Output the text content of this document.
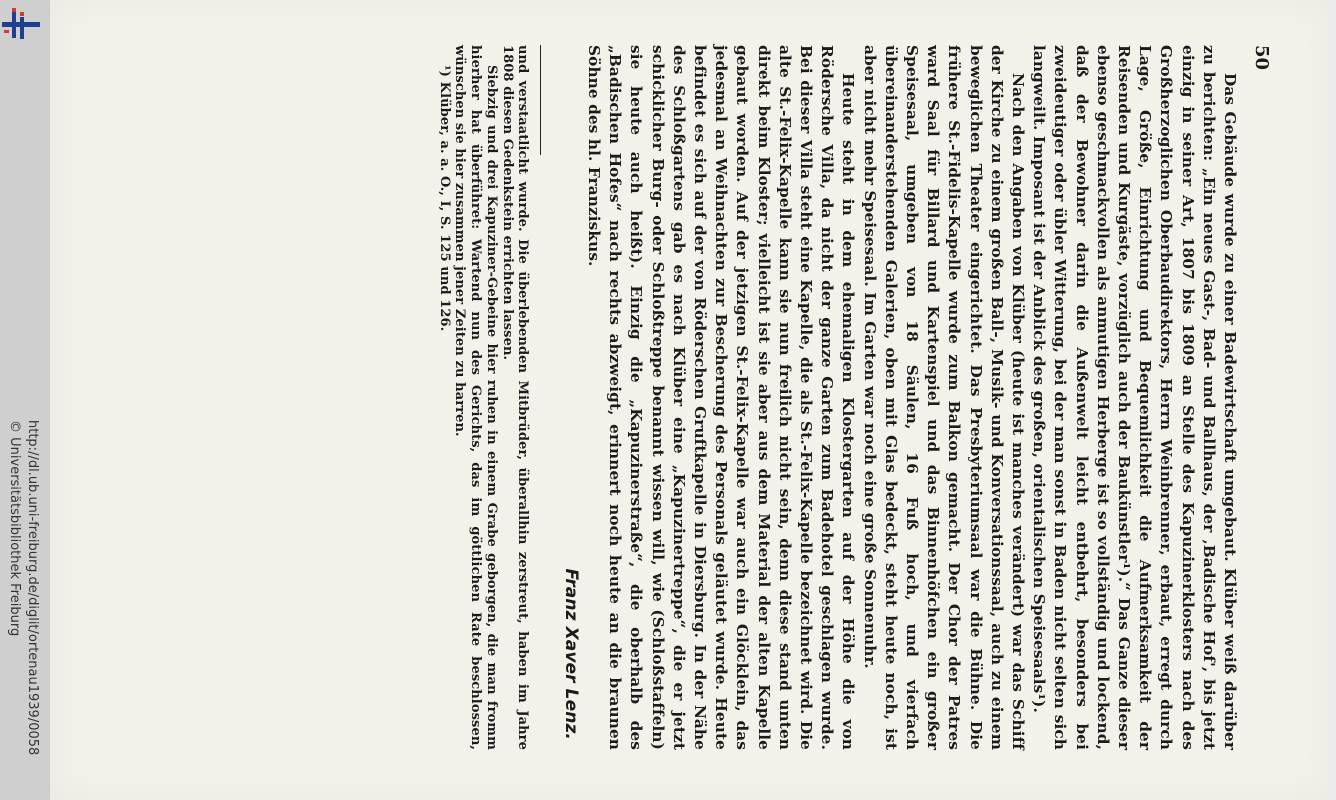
http://dl.ub.uni-freiburg.de/diglit/ortenau1939/0058
© Universitätsbibliothek Freiburg
50

Das Gebäude wurde zu einer Badewirtschaft umgebaut. Klüber weiß darüber zu berichten: „Ein neues Gast-, Bad- und Ballhaus, der ‚Badische Hof', bis jetzt einzig in seiner Art, 1807 bis 1809 an Stelle des Kapuzinerklosters nach des Großherzoglichen Oberbaudirektors, Herrn Weinbrenner, erbaut, erregt durch Lage, Größe, Einrichtung und Bequemlichkeit die Aufmerksamkeit der Reisenden und Kurgäste, vorzüglich auch der Baukünstler¹).“ Das Ganze dieser ebenso geschmackvollen als anmutigen Herberge ist so vollständig und lockend, daß der Bewohner darin die Außenwelt leicht entbehrt, besonders bei zweideutiger oder übler Witterung, bei der man sonst in Baden nicht selten sich langweilt. Imposant ist der Anblick des großen, orientalischen Speisesaals¹).

Nach den Angaben von Klüber (heute ist manches verändert) war das Schiff der Kirche zu einem großen Ball-, Musik- und Konversationssaal, auch zu einem beweglichen Theater eingerichtet. Das Presbyteriumsaal war die Bühne. Die frühere St.-Fidelis-Kapelle wurde zum Balkon gemacht. Der Chor der Patres ward Saal für Billard und Kartenspiel und das Binnenhöfchen ein großer Speisesaal, umgeben von 18 Säulen, 16 Fuß hoch, und vierfach übereinanderstehenden Galerien, oben mit Glas bedeckt, steht heute noch, ist aber nicht mehr Speisesaal. Im Garten war noch eine große Sonnenuhr.

Heute steht in dem ehemaligen Klostergarten auf der Höhe die von Rödersche Villa, da nicht der ganze Garten zum Badehotel geschlagen wurde. Bei dieser Villa steht eine Kapelle, die als St.-Felix-Kapelle bezeichnet wird. Die alte St.-Felix-Kapelle kann sie nun freilich nicht sein, denn diese stand unten direkt beim Kloster; vielleicht ist sie aber aus dem Material der alten Kapelle gebaut worden. Auf der jetzigen St.-Felix-Kapelle war auch ein Glöcklein, das jedesmal an Weihnachten zur Bescherung des Personals geläutet wurde. Heute befindet es sich auf der von Röderschen Gruftkapelle in Diersburg. In der Nähe des Schloßgartens gab es nach Klüber eine „Kapuzinertreppe“, die er jetzt schicklicher Burg- oder Schloßtreppe benannt wissen will, wie (Schloßstaffeln) sie heute auch heißt). Einzig die „Kapuzinerstraße“, die oberhalb des „Badischen Hofes“ nach rechts abzweigt, erinnert noch heute an die braunen Söhne des hl. Franziskus.

Franz Xaver Lenz.

und verstaatlicht wurde. Die überlebenden Mitbrüder, überallhin zerstreut, haben im Jahre 1808 diesen Gedenkstein errichten lassen.

Siebzig und drei Kapuziner-Gebeine hier ruhen in einem Grabe geborgen, die man fromm hierher hat überführet: Wartend nun des Gerichts, das im göttlichen Rate beschlossen, wünschen sie hier zusammen jener Zeiten zu harren.

¹) Klüber, a. a. O., I, S. 125 und 126.
